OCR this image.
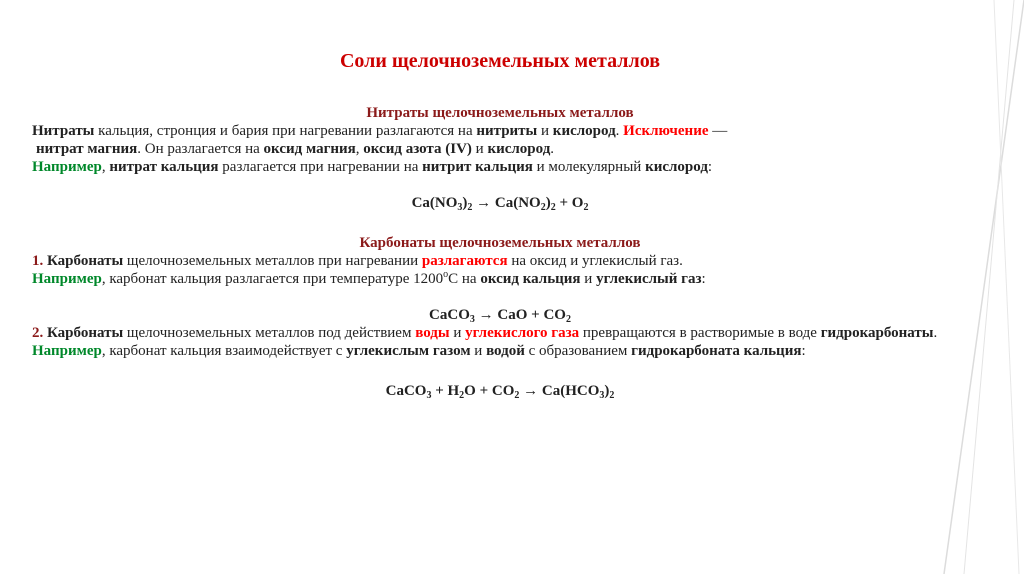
Соли щелочноземельных металлов

Нитраты щелочноземельных металлов

Нитраты кальция, стронция и бария при нагревании разлагаются на нитриты и кислород. Исключение —

нитрат магния. Он разлагается на оксид магния, оксид азота (IV) и кислород.

Например, нитрат кальция разлагается при нагревании на нитрит кальция и молекулярный кислород:

$Ca(NO_3)_2 \to Ca(NO_2)_2 + O_2$

Карбонаты щелочноземельных металлов

1. Карбонаты щелочноземельных металлов при нагревании разлагаются на оксид и углекислый газ.

Например, карбонат кальция разлагается при температуре $1200^оС$ на оксид кальция и углекислый газ:

CaCO$_3$ → CaO + $CO_2$

2. Карбонаты щелочноземельных металлов под действием воды и углекислого газа превращаются в растворимые в воде гидрокарбонаты.

Например, карбонат кальция взаимодействует с углекислым газом и водой с образованием гидрокарбоната кальция:

CaCO$_3$ + $H_2O + CO_2 \to Ca(HCO_3)_2$
